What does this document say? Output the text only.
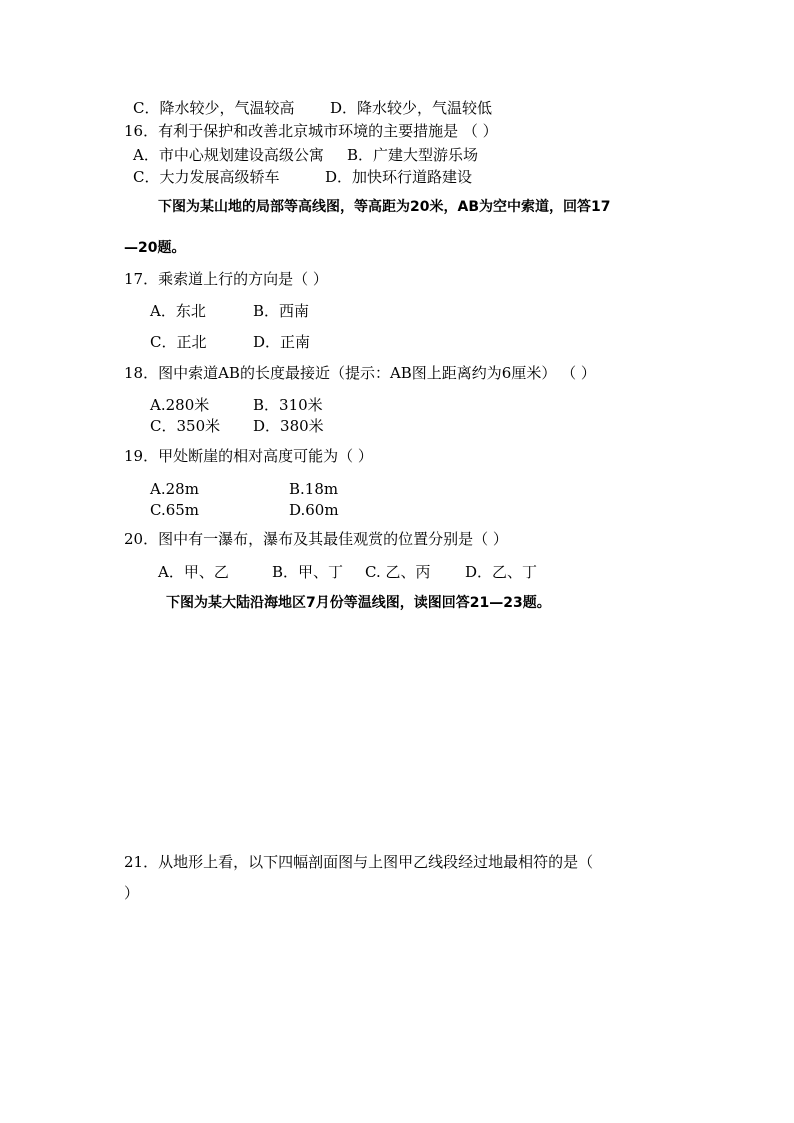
C．降水较少，气温较高 D．降水较少，气温较低
16．有利于保护和改善北京城市环境的主要措施是 （ ）
A．市中心规划建设高级公寓 B．广建大型游乐场
C．大力发展高级轿车	D．加快环行道路建设
下图为某山地的局部等高线图，等高距为20米，AB为空中索道，回答17
—20题。
17．乘索道上行的方向是（ ）
A．东北	B．西南
C．正北	D．正南
18．图中索道AB的长度最接近（提示：AB图上距离约为6厘米） （ ）
A.280米	B．310米
C．350米 D．380米
19．甲处断崖的相对高度可能为（ ）
A.28m	B.18m
C.65m	D.60m
20．图中有一瀑布，瀑布及其最佳观赏的位置分别是（ ）
A．甲、乙	B．甲、丁 C. 乙、丙 D．乙、丁
下图为某大陆沿海地区7月份等温线图，读图回答21—23题。
21．从地形上看，以下四幅剖面图与上图甲乙线段经过地最相符的是（
）
